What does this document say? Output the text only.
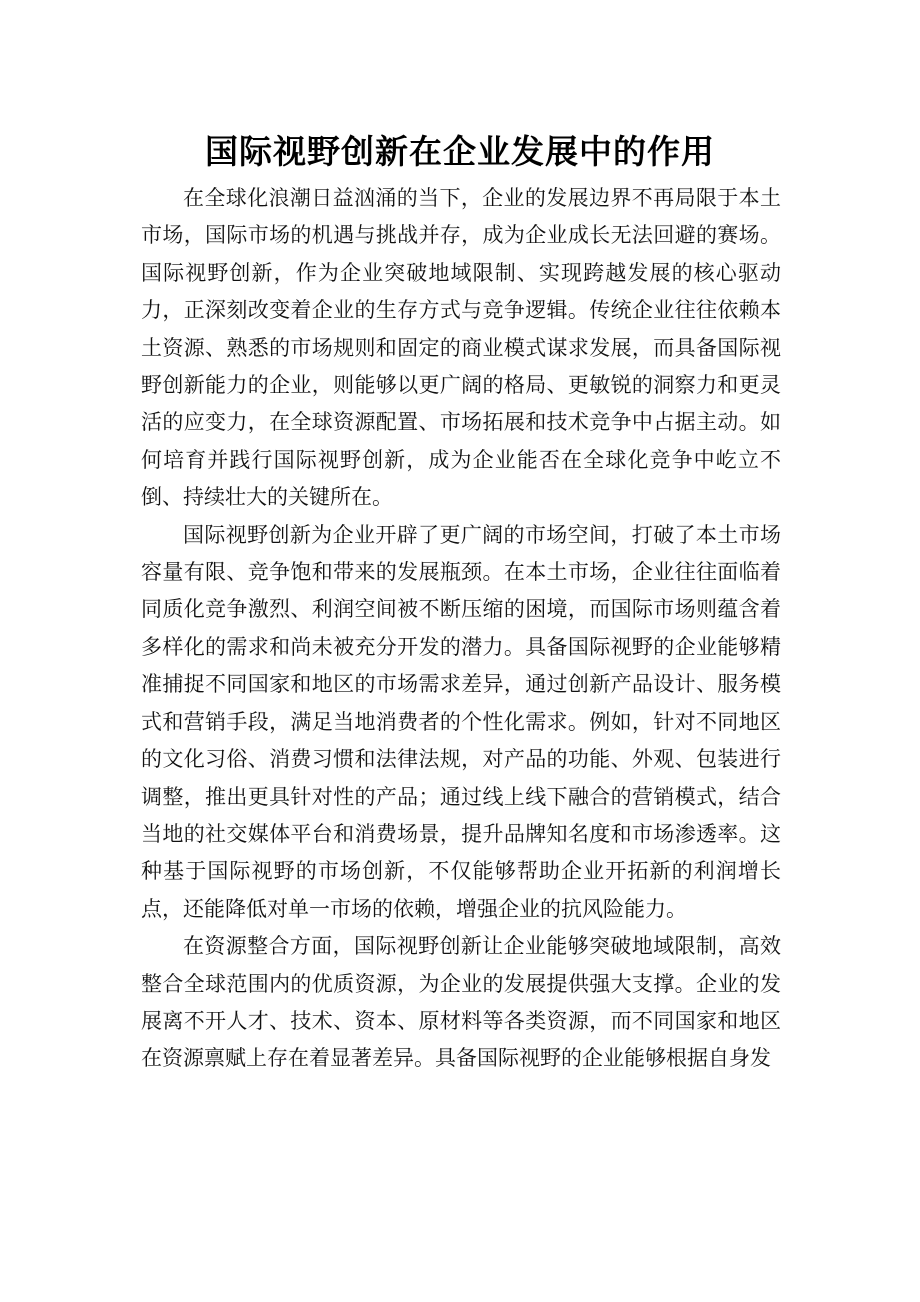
国际视野创新在企业发展中的作用

在全球化浪潮日益汹涌的当下，企业的发展边界不再局限于本土市场，国际市场的机遇与挑战并存，成为企业成长无法回避的赛场。国际视野创新，作为企业突破地域限制、实现跨越发展的核心驱动力，正深刻改变着企业的生存方式与竞争逻辑。传统企业往往依赖本土资源、熟悉的市场规则和固定的商业模式谋求发展，而具备国际视野创新能力的企业，则能够以更广阔的格局、更敏锐的洞察力和更灵活的应变力，在全球资源配置、市场拓展和技术竞争中占据主动。如何培育并践行国际视野创新，成为企业能否在全球化竞争中屹立不倒、持续壮大的关键所在。

国际视野创新为企业开辟了更广阔的市场空间，打破了本土市场容量有限、竞争饱和带来的发展瓶颈。在本土市场，企业往往面临着同质化竞争激烈、利润空间被不断压缩的困境，而国际市场则蕴含着多样化的需求和尚未被充分开发的潜力。具备国际视野的企业能够精准捕捉不同国家和地区的市场需求差异，通过创新产品设计、服务模式和营销手段，满足当地消费者的个性化需求。例如，针对不同地区的文化习俗、消费习惯和法律法规，对产品的功能、外观、包装进行调整，推出更具针对性的产品；通过线上线下融合的营销模式，结合当地的社交媒体平台和消费场景，提升品牌知名度和市场渗透率。这种基于国际视野的市场创新，不仅能够帮助企业开拓新的利润增长点，还能降低对单一市场的依赖，增强企业的抗风险能力。

在资源整合方面，国际视野创新让企业能够突破地域限制，高效整合全球范围内的优质资源，为企业的发展提供强大支撑。企业的发展离不开人才、技术、资本、原材料等各类资源，而不同国家和地区在资源禀赋上存在着显著差异。具备国际视野的企业能够根据自身发
